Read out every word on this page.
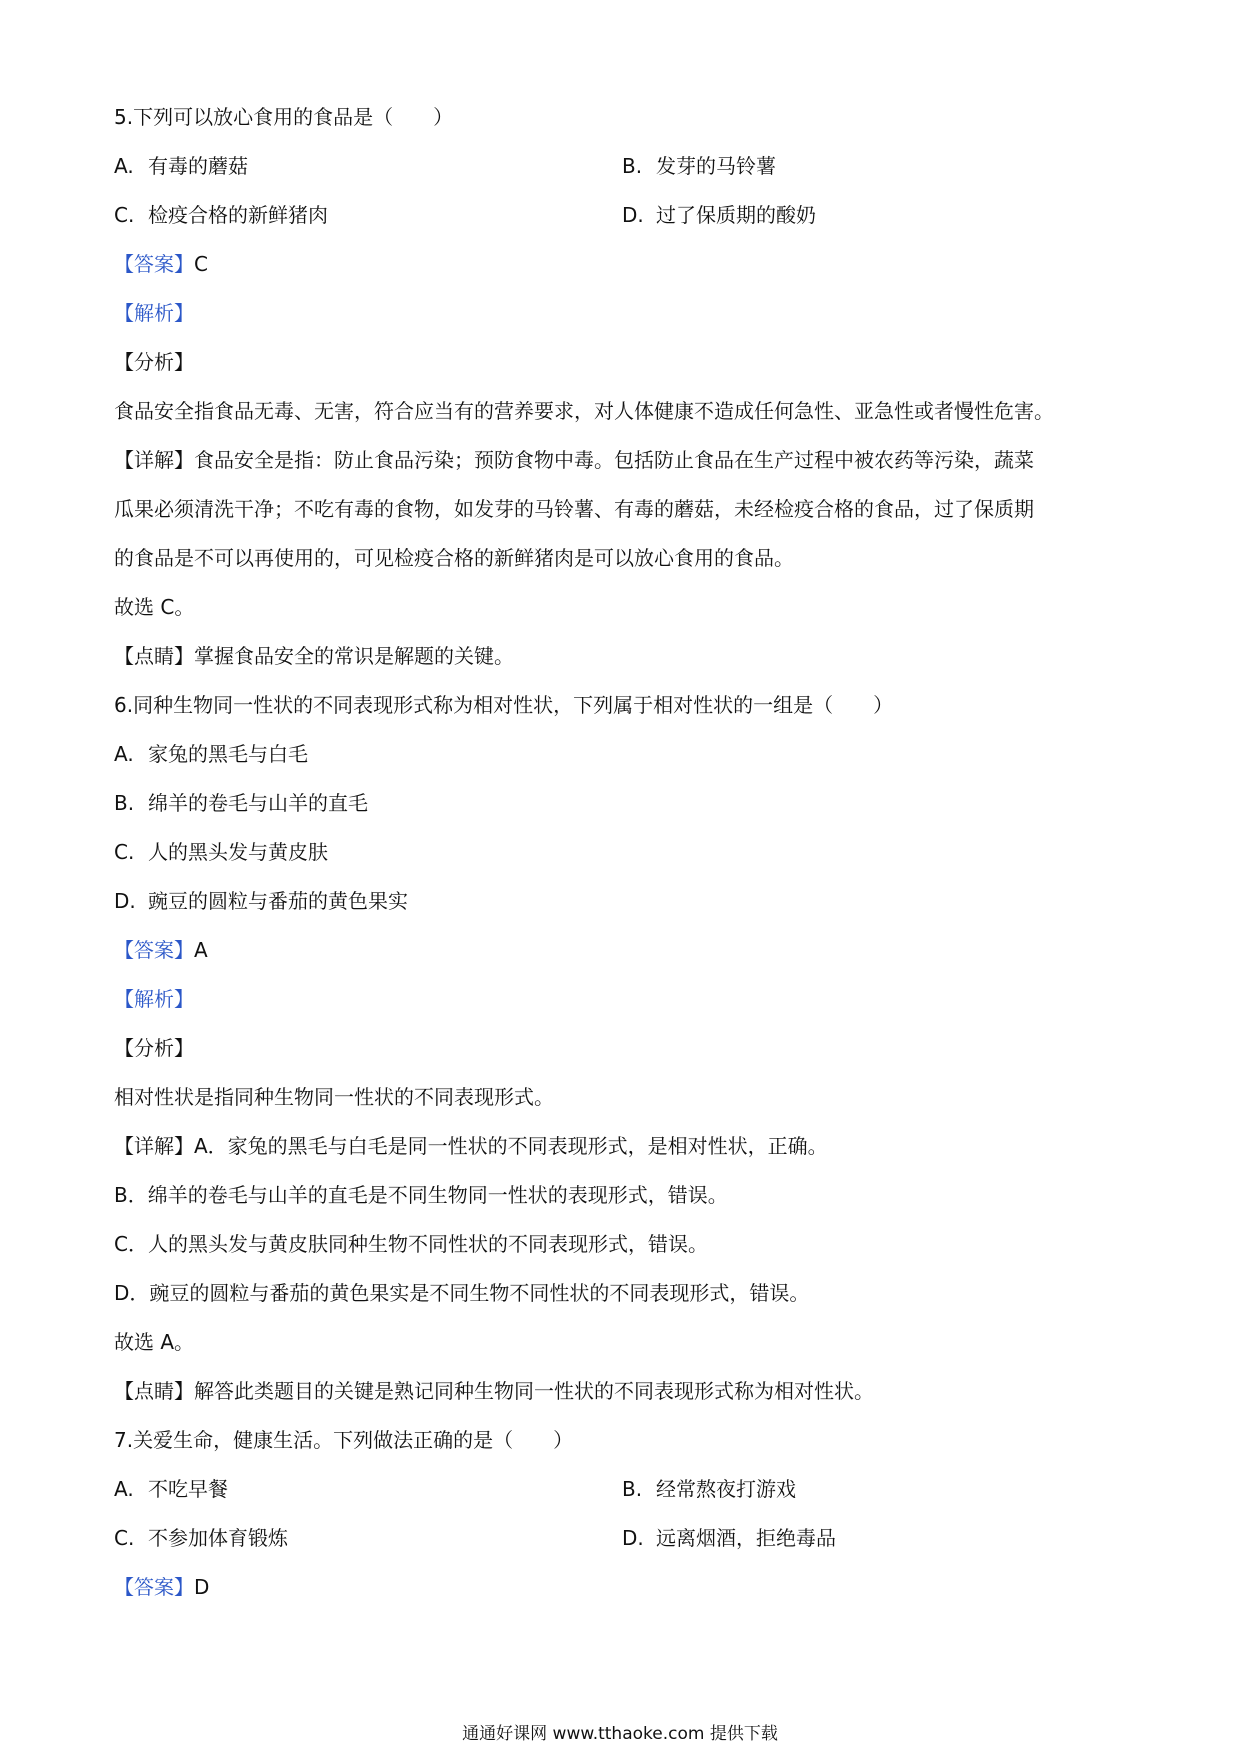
5.下列可以放心食用的食品是（　　）
A. 有毒的蘑菇	B. 发芽的马铃薯
C. 检疫合格的新鲜猪肉	D. 过了保质期的酸奶
【答案】C
【解析】
【分析】
食品安全指食品无毒、无害，符合应当有的营养要求，对人体健康不造成任何急性、亚急性或者慢性危害。
【详解】食品安全是指：防止食品污染；预防食物中毒。包括防止食品在生产过程中被农药等污染，蔬菜
瓜果必须清洗干净；不吃有毒的食物，如发芽的马铃薯、有毒的蘑菇，未经检疫合格的食品，过了保质期
的食品是不可以再使用的，可见检疫合格的新鲜猪肉是可以放心食用的食品。
故选 C。
【点睛】掌握食品安全的常识是解题的关键。
6.同种生物同一性状的不同表现形式称为相对性状，下列属于相对性状的一组是（　　）
A. 家兔的黑毛与白毛
B. 绵羊的卷毛与山羊的直毛
C. 人的黑头发与黄皮肤
D. 豌豆的圆粒与番茄的黄色果实
【答案】A
【解析】
【分析】
相对性状是指同种生物同一性状的不同表现形式。
【详解】A．家兔的黑毛与白毛是同一性状的不同表现形式，是相对性状，正确。
B．绵羊的卷毛与山羊的直毛是不同生物同一性状的表现形式，错误。
C．人的黑头发与黄皮肤同种生物不同性状的不同表现形式，错误。
D．豌豆的圆粒与番茄的黄色果实是不同生物不同性状的不同表现形式，错误。
故选 A。
【点睛】解答此类题目的关键是熟记同种生物同一性状的不同表现形式称为相对性状。
7.关爱生命，健康生活。下列做法正确的是（　　）
A. 不吃早餐	B. 经常熬夜打游戏
C. 不参加体育锻炼	D. 远离烟酒，拒绝毒品
【答案】D
通通好课网 www.tthaoke.com 提供下载
